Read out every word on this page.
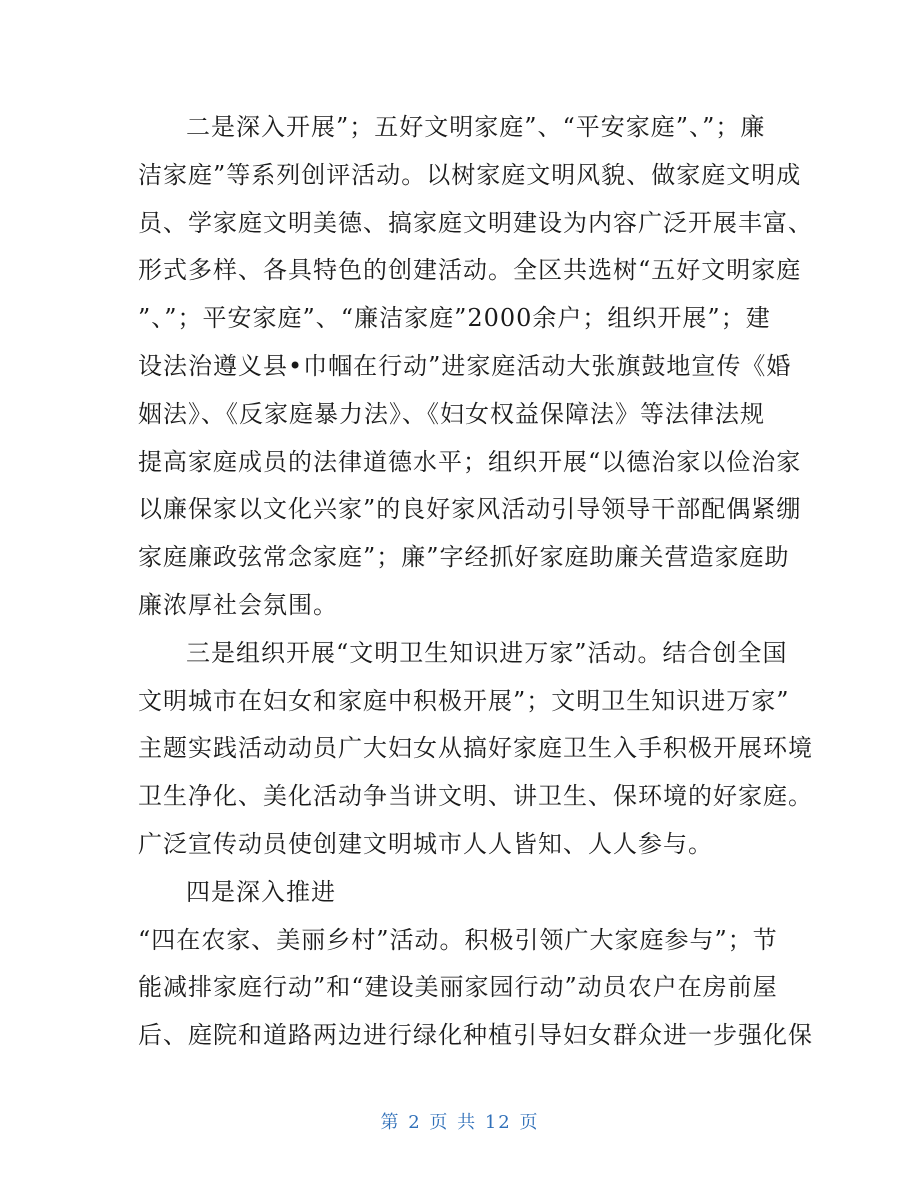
二是深入开展”；五好文明家庭”、“平安家庭”、”；廉
洁家庭”等系列创评活动。以树家庭文明风貌、做家庭文明成
员、学家庭文明美德、搞家庭文明建设为内容广泛开展丰富、
形式多样、各具特色的创建活动。全区共选树“五好文明家庭
”、”；平安家庭”、“廉洁家庭”2000余户；组织开展”；建
设法治遵义县•巾帼在行动”进家庭活动大张旗鼓地宣传《婚
姻法》、《反家庭暴力法》、《妇女权益保障法》等法律法规
提高家庭成员的法律道德水平；组织开展“以德治家以俭治家
以廉保家以文化兴家”的良好家风活动引导领导干部配偶紧绷
家庭廉政弦常念家庭”；廉”字经抓好家庭助廉关营造家庭助
廉浓厚社会氛围。
三是组织开展“文明卫生知识进万家”活动。结合创全国
文明城市在妇女和家庭中积极开展”；文明卫生知识进万家”
主题实践活动动员广大妇女从搞好家庭卫生入手积极开展环境
卫生净化、美化活动争当讲文明、讲卫生、保环境的好家庭。
广泛宣传动员使创建文明城市人人皆知、人人参与。
四是深入推进
“四在农家、美丽乡村”活动。积极引领广大家庭参与”；节
能减排家庭行动”和“建设美丽家园行动”动员农户在房前屋
后、庭院和道路两边进行绿化种植引导妇女群众进一步强化保
第 2 页 共 12 页
